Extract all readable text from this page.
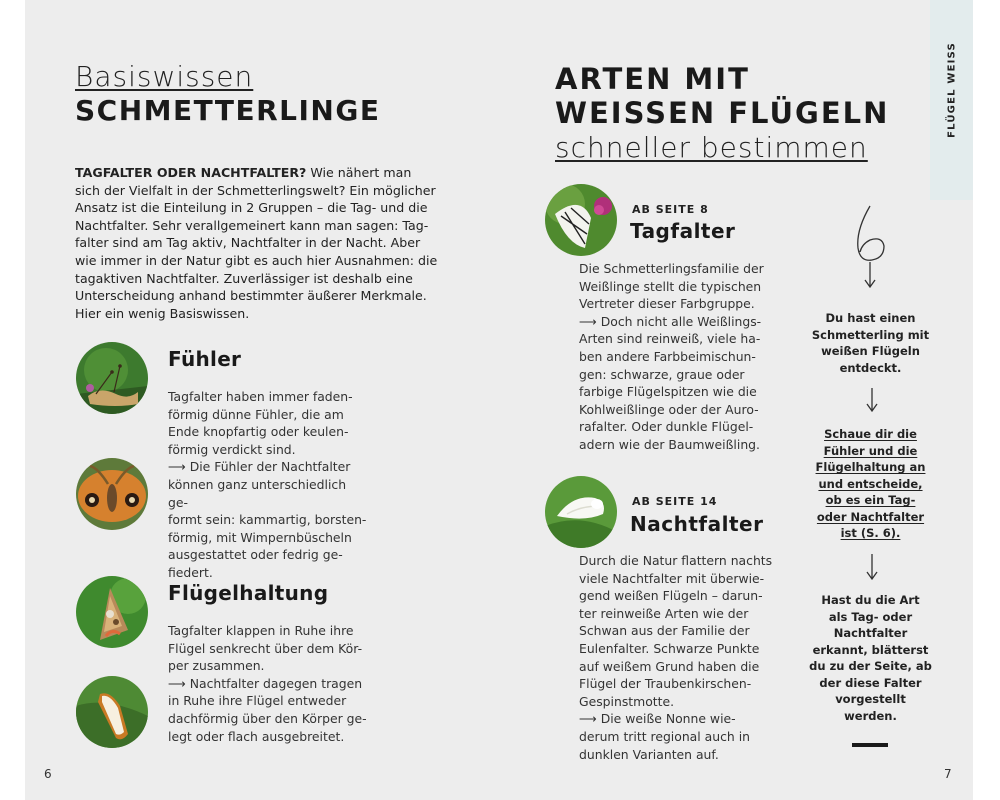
Basiswissen
SCHMETTERLINGE
TAGFALTER ODER NACHTFALTER? Wie nähert man
sich der Vielfalt in der Schmetterlingswelt? Ein möglicher
Ansatz ist die Einteilung in 2 Gruppen – die Tag- und die
Nachtfalter. Sehr verallgemeinert kann man sagen: Tag-
falter sind am Tag aktiv, Nachtfalter in der Nacht. Aber
wie immer in der Natur gibt es auch hier Ausnahmen: die
tagaktiven Nachtfalter. Zuverlässiger ist deshalb eine
Unterscheidung anhand bestimmter äußerer Merkmale.
Hier ein wenig Basiswissen.
Fühler
Tagfalter haben immer faden-
förmig dünne Fühler, die am
Ende knopfartig oder keulen-
förmig verdickt sind.
⟶ Die Fühler der Nachtfalter
können ganz unterschiedlich ge-
formt sein: kammartig, borsten-
förmig, mit Wimpernbüscheln
ausgestattet oder fedrig ge-
fiedert.
Flügelhaltung
Tagfalter klappen in Ruhe ihre
Flügel senkrecht über dem Kör-
per zusammen.
⟶ Nachtfalter dagegen tragen
in Ruhe ihre Flügel entweder
dachförmig über den Körper ge-
legt oder flach ausgebreitet.
6
FLÜGEL WEISS
ARTEN MIT
WEISSEN FLÜGELN
schneller bestimmen
AB SEITE 8
Tagfalter
Die Schmetterlingsfamilie der
Weißlinge stellt die typischen
Vertreter dieser Farbgruppe.
⟶ Doch nicht alle Weißlings-
Arten sind reinweiß, viele ha-
ben andere Farbbeimischun-
gen: schwarze, graue oder
farbige Flügelspitzen wie die
Kohlweißlinge oder der Auro-
rafalter. Oder dunkle Flügel-
adern wie der Baumweißling.
AB SEITE 14
Nachtfalter
Durch die Natur flattern nachts
viele Nachtfalter mit überwie-
gend weißen Flügeln – darun-
ter reinweiße Arten wie der
Schwan aus der Familie der
Eulenfalter. Schwarze Punkte
auf weißem Grund haben die
Flügel der Traubenkirschen-
Gespinstmotte.
⟶ Die weiße Nonne wie-
derum tritt regional auch in
dunklen Varianten auf.
Du hast einen
Schmetterling mit
weißen Flügeln
entdeckt.
Schaue dir die
Fühler und die
Flügelhaltung an
und entscheide,
ob es ein Tag-
oder Nachtfalter
ist (S. 6).
Hast du die Art
als Tag- oder
Nachtfalter
erkannt, blätterst
du zu der Seite, ab
der diese Falter
vorgestellt
werden.
7
